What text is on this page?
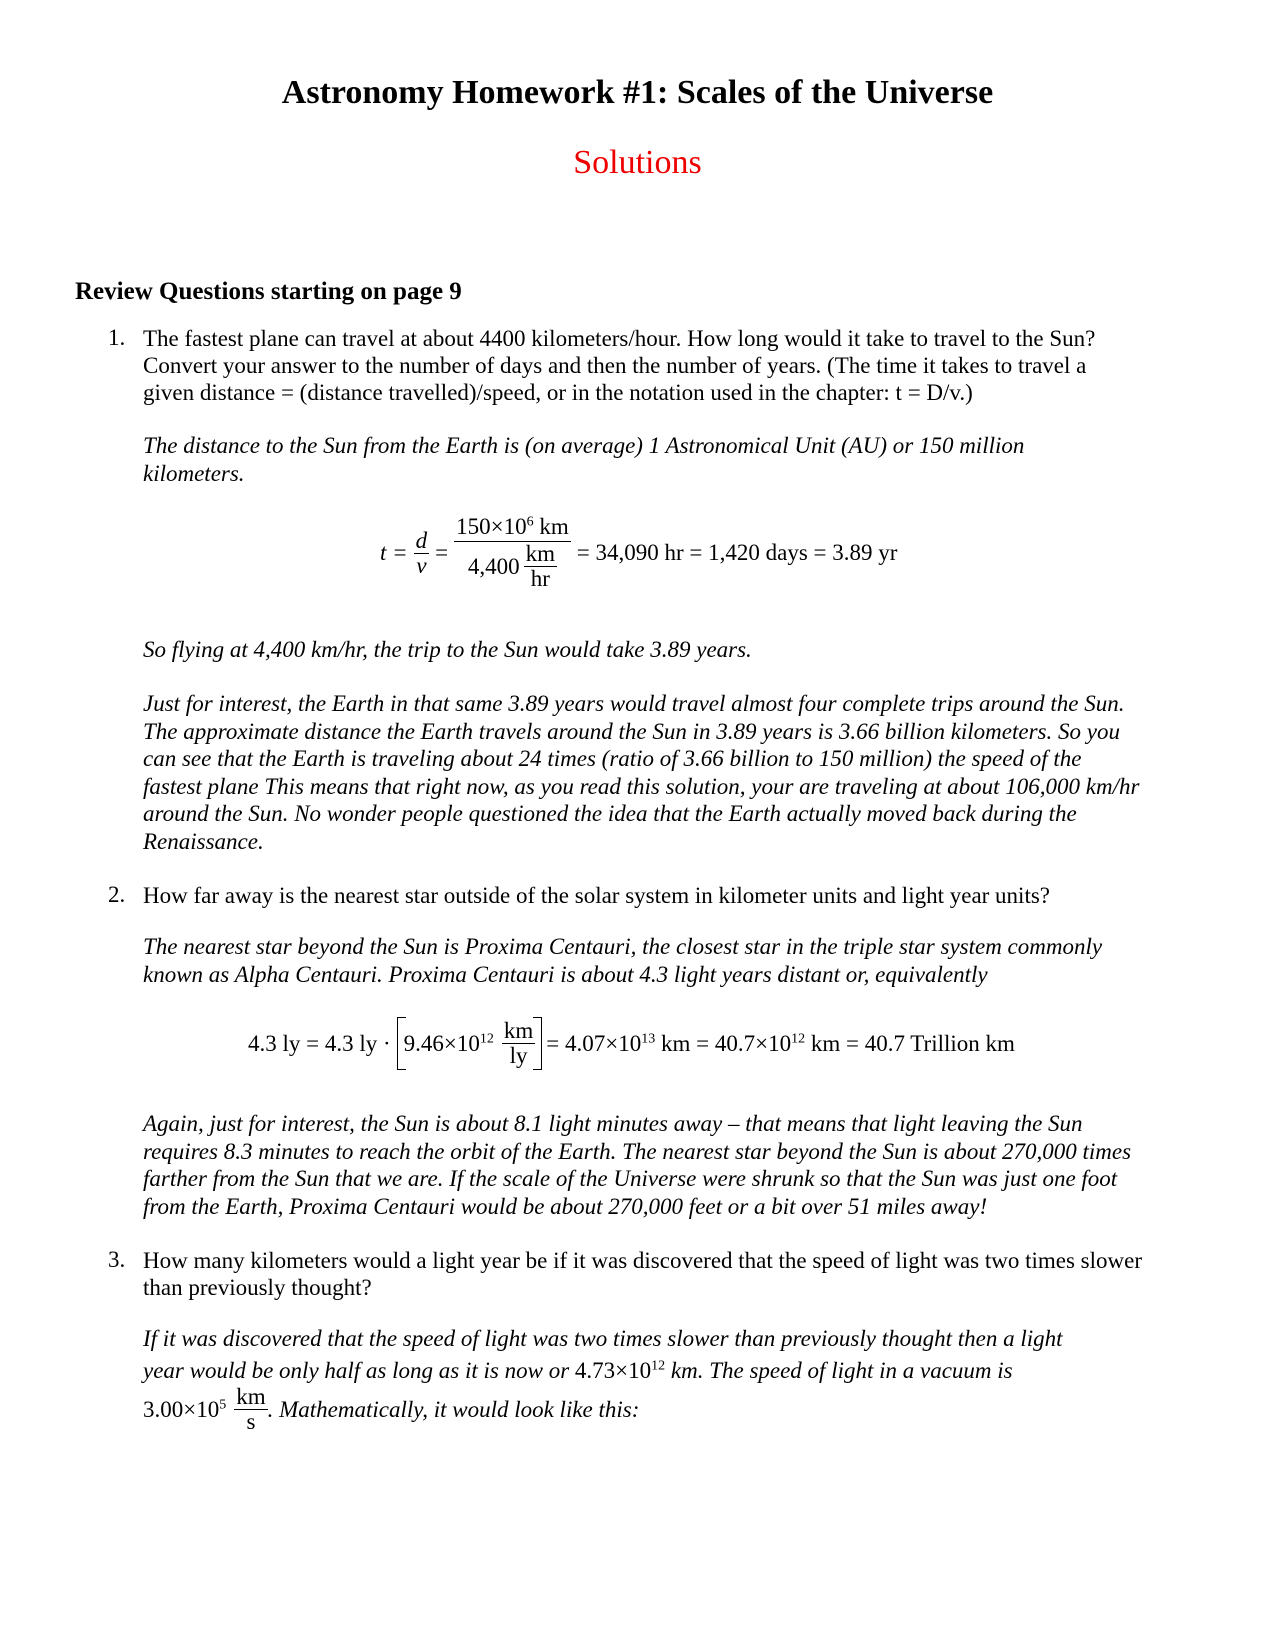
Astronomy Homework #1: Scales of the Universe
Solutions
Review Questions starting on page 9
1. The fastest plane can travel at about 4400 kilometers/hour. How long would it take to travel to the Sun? Convert your answer to the number of days and then the number of years. (The time it takes to travel a given distance = (distance travelled)/speed, or in the notation used in the chapter: t = D/v.)
The distance to the Sun from the Earth is (on average) 1 Astronomical Unit (AU) or 150 million kilometers.
$t = \frac{d}{v} = \frac{150\times 10^6 km}{4,400 \frac{km}{hr}} = 34,090$ hr = 1,420 days = 3.89 yr
So flying at 4,400 km/hr, the trip to the Sun would take 3.89 years.
Just for interest, the Earth in that same 3.89 years would travel almost four complete trips around the Sun. The approximate distance the Earth travels around the Sun in 3.89 years is 3.66 billion kilometers. So you can see that the Earth is traveling about 24 times (ratio of 3.66 billion to 150 million) the speed of the fastest plane This means that right now, as you read this solution, your are traveling at about 106,000 km/hr around the Sun. No wonder people questioned the idea that the Earth actually moved back during the Renaissance.
2. How far away is the nearest star outside of the solar system in kilometer units and light year units?
The nearest star beyond the Sun is Proxima Centauri, the closest star in the triple star system commonly known as Alpha Centauri. Proxima Centauri is about 4.3 light years distant or, equivalently
4.3 ly = 4.3 ly · $9.46\times 10^{12} \frac{km}{ly} = 4.07\times 10^{13}$ km = $40.7\times 10^{12}$ km = 40.7 Trillion km
Again, just for interest, the Sun is about 8.1 light minutes away – that means that light leaving the Sun requires 8.3 minutes to reach the orbit of the Earth. The nearest star beyond the Sun is about 270,000 times farther from the Sun that we are. If the scale of the Universe were shrunk so that the Sun was just one foot from the Earth, Proxima Centauri would be about 270,000 feet or a bit over 51 miles away!
3. How many kilometers would a light year be if it was discovered that the speed of light was two times slower than previously thought?
If it was discovered that the speed of light was two times slower than previously thought then a light
year would be only half as long as it is now or $4.73\times 10^{12}$ km. The speed of light in a vacuum is
$3.00\times 10^5 \frac{km}{s}$ . Mathematically, it would look like this:
